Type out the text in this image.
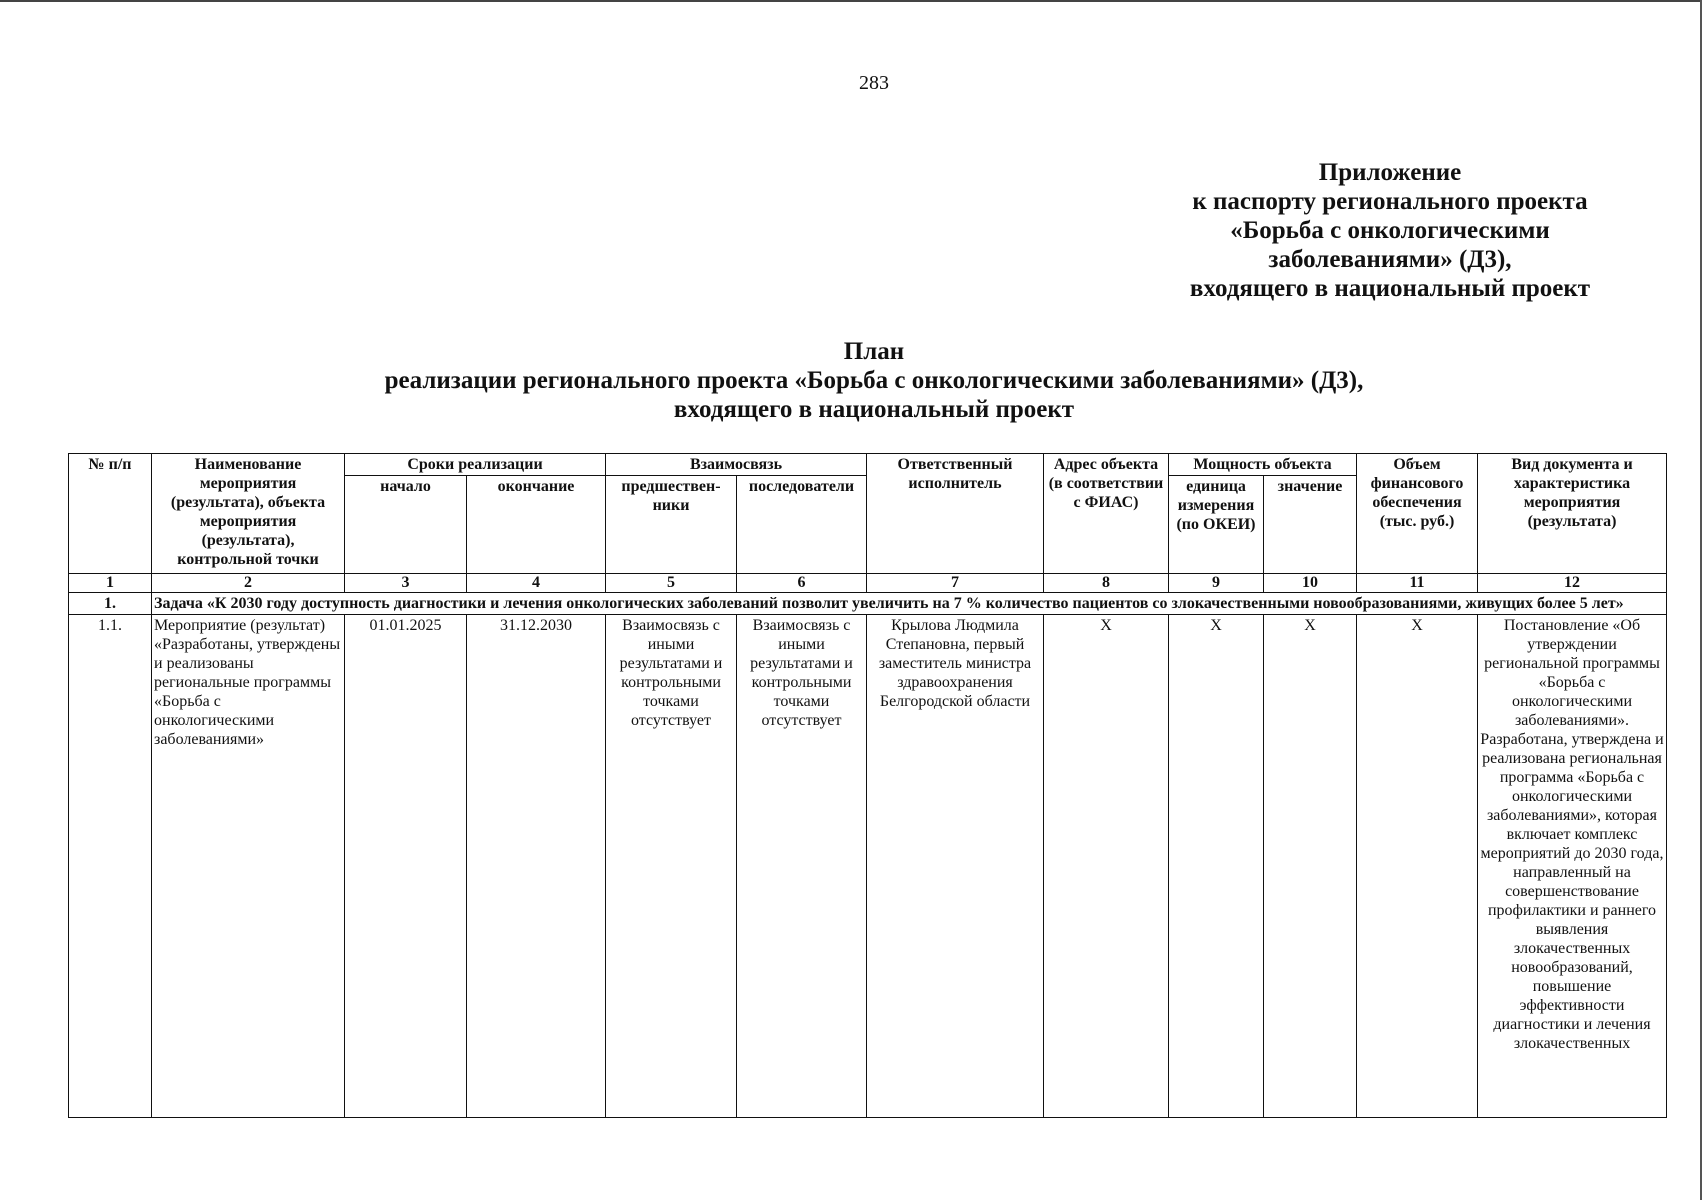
283
Приложение
к паспорту регионального проекта
«Борьба с онкологическими
заболеваниями» (Д3),
входящего в национальный проект
План
реализации регионального проекта «Борьба с онкологическими заболеваниями» (Д3),
входящего в национальный проект
№ п/п	Наименование мероприятия (результата), объекта мероприятия (результата), контрольной точки	Сроки реализации		Взаимосвязь		Ответственный исполнитель	Адрес объекта (в соответствии с ФИАС)	Мощность объекта		Объем финансового обеспечения (тыс. руб.)	Вид документа и характеристика мероприятия (результата)
		начало	окончание	предшествен-ники	последователи			единица измерения (по ОКЕИ)	значение		
1	2	3	4	5	6	7	8	9	10	11	12
1.	Задача «К 2030 году доступность диагностики и лечения онкологических заболеваний позволит увеличить на 7 % количество пациентов со злокачественными новообразованиями, живущих более 5 лет»										
1.1.	Мероприятие (результат) «Разработаны, утверждены и реализованы региональные программы «Борьба с онкологическими заболеваниями»	01.01.2025	31.12.2030	Взаимосвязь с иными результатами и контрольными точками отсутствует	Взаимосвязь с иными результатами и контрольными точками отсутствует	Крылова Людмила Степановна, первый заместитель министра здравоохранения Белгородской области	Х	Х	Х	Х	Постановление «Об утверждении региональной программы «Борьба с онкологическими заболеваниями». Разработана, утверждена и реализована региональная программа «Борьба с онкологическими заболеваниями», которая включает комплекс мероприятий до 2030 года, направленный на совершенствование профилактики и раннего выявления злокачественных новообразований, повышение эффективности диагностики и лечения злокачественных
